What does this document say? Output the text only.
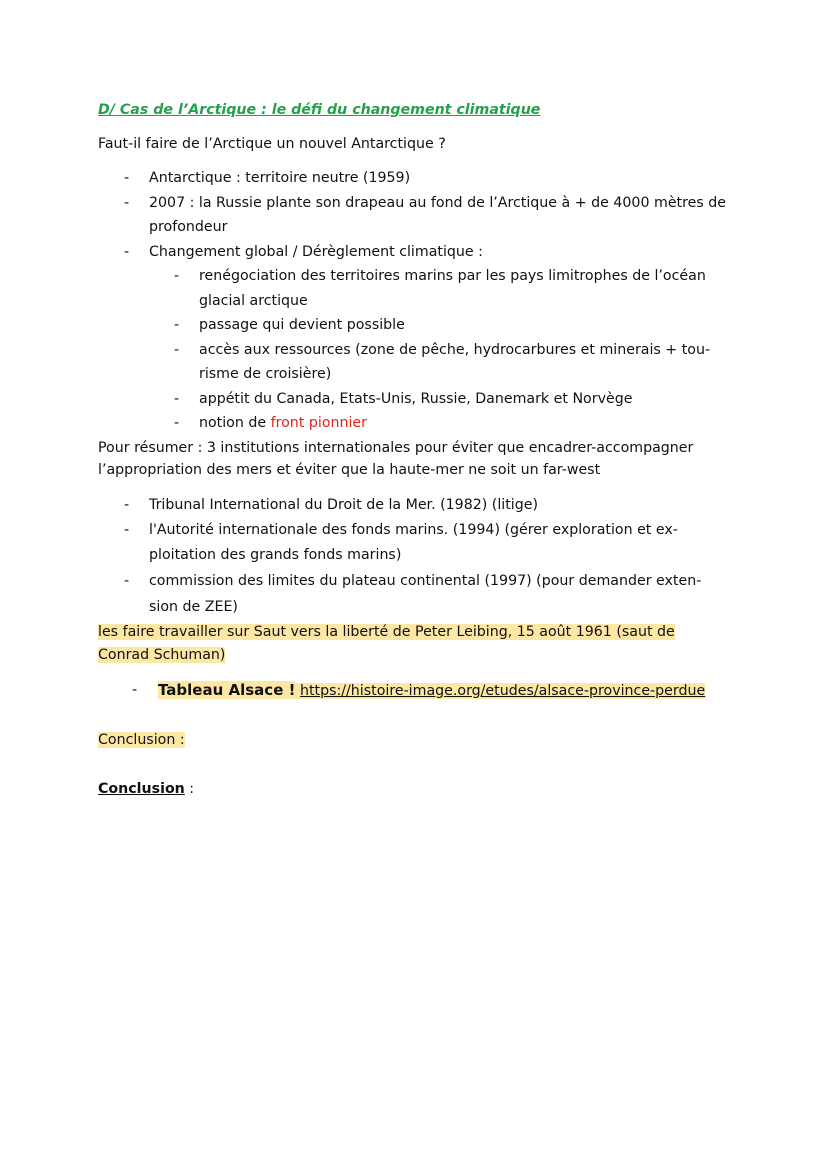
D/ Cas de l’Arctique : le défi du changement climatique
Faut-il faire de l’Arctique un nouvel Antarctique ?
- Antarctique : territoire neutre (1959)
- 2007 : la Russie plante son drapeau au fond de l’Arctique à + de 4000 mètres de
profondeur
- Changement global / Dérèglement climatique :
- renégociation des territoires marins par les pays limitrophes de l’océan
glacial arctique
- passage qui devient possible
- accès aux ressources (zone de pêche, hydrocarbures et minerais + tou-
risme de croisière)
- appétit du Canada, Etats-Unis, Russie, Danemark et Norvège
- notion de front pionnier
Pour résumer : 3 institutions internationales pour éviter que encadrer-accompagner
l’appropriation des mers et éviter que la haute-mer ne soit un far-west
- Tribunal International du Droit de la Mer. (1982) (litige)
- l'Autorité internationale des fonds marins. (1994) (gérer exploration et ex-
ploitation des grands fonds marins)
- commission des limites du plateau continental (1997) (pour demander exten-
sion de ZEE)
les faire travailler sur Saut vers la liberté de Peter Leibing, 15 août 1961 (saut de
Conrad Schuman)
- Tableau Alsace ! https://histoire-image.org/etudes/alsace-province-perdue
Conclusion :
Conclusion :
